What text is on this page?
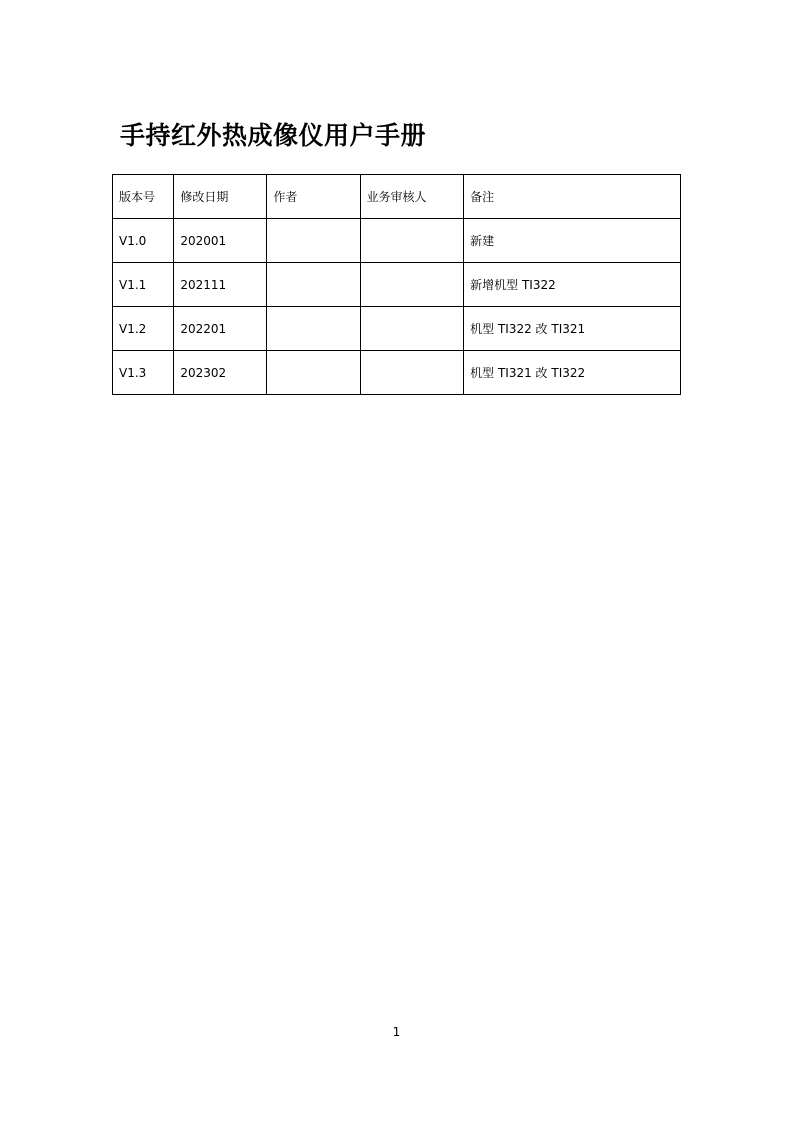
手持红外热成像仪用户手册
版本号	修改日期	作者	业务审核人	备注
V1.0	202001			新建
V1.1	202111			新增机型 TI322
V1.2	202201			机型 TI322 改 TI321
V1.3	202302			机型 TI321 改 TI322
1
